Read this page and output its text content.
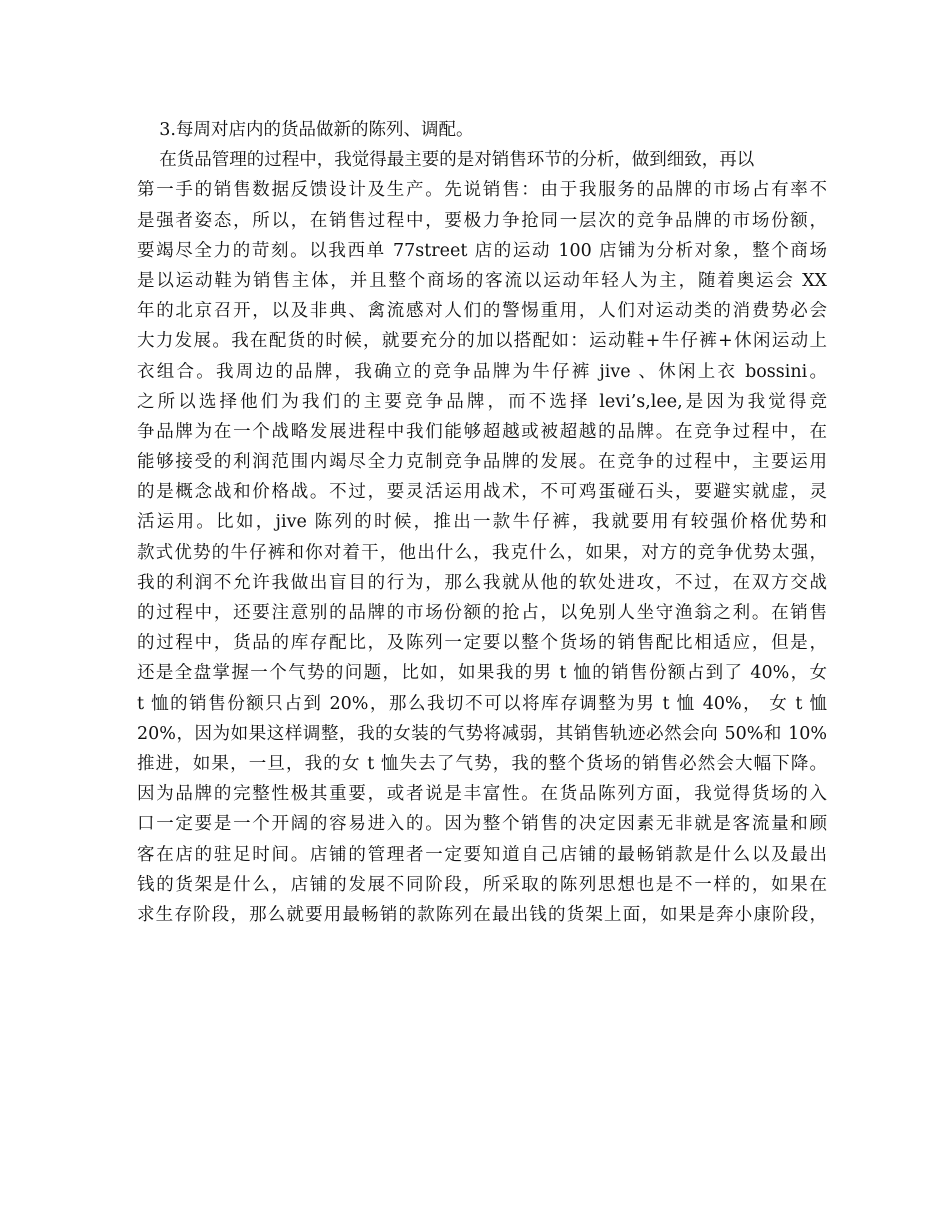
3.每周对店内的货品做新的陈列、调配。
在货品管理的过程中，我觉得最主要的是对销售环节的分析，做到细致，再以
第一手的销售数据反馈设计及生产。先说销售：由于我服务的品牌的市场占有率不
是强者姿态，所以，在销售过程中，要极力争抢同一层次的竞争品牌的市场份额，
要竭尽全力的苛刻。以我西单 77street 店的运动 100 店铺为分析对象，整个商场
是以运动鞋为销售主体，并且整个商场的客流以运动年轻人为主，随着奥运会 XX
年的北京召开，以及非典、禽流感对人们的警惕重用，人们对运动类的消费势必会
大力发展。我在配货的时候，就要充分的加以搭配如：运动鞋+牛仔裤+休闲运动上
衣组合。我周边的品牌，我确立的竞争品牌为牛仔裤 jive 、休闲上衣 bossini。
之所以选择他们为我们的主要竞争品牌，而不选择 levi’s,lee,是因为我觉得竞
争品牌为在一个战略发展进程中我们能够超越或被超越的品牌。在竞争过程中，在
能够接受的利润范围内竭尽全力克制竞争品牌的发展。在竞争的过程中，主要运用
的是概念战和价格战。不过，要灵活运用战术，不可鸡蛋碰石头，要避实就虚，灵
活运用。比如，jive 陈列的时候，推出一款牛仔裤，我就要用有较强价格优势和
款式优势的牛仔裤和你对着干，他出什么，我克什么，如果，对方的竞争优势太强，
我的利润不允许我做出盲目的行为，那么我就从他的软处进攻，不过，在双方交战
的过程中，还要注意别的品牌的市场份额的抢占，以免别人坐守渔翁之利。在销售
的过程中，货品的库存配比，及陈列一定要以整个货场的销售配比相适应，但是，
还是全盘掌握一个气势的问题，比如，如果我的男 t 恤的销售份额占到了 40%，女
t 恤的销售份额只占到 20%，那么我切不可以将库存调整为男 t 恤 40%， 女 t 恤
20%，因为如果这样调整，我的女装的气势将减弱，其销售轨迹必然会向 50%和 10%
推进，如果，一旦，我的女 t 恤失去了气势，我的整个货场的销售必然会大幅下降。
因为品牌的完整性极其重要，或者说是丰富性。在货品陈列方面，我觉得货场的入
口一定要是一个开阔的容易进入的。因为整个销售的决定因素无非就是客流量和顾
客在店的驻足时间。店铺的管理者一定要知道自己店铺的最畅销款是什么以及最出
钱的货架是什么，店铺的发展不同阶段，所采取的陈列思想也是不一样的，如果在
求生存阶段，那么就要用最畅销的款陈列在最出钱的货架上面，如果是奔小康阶段，
